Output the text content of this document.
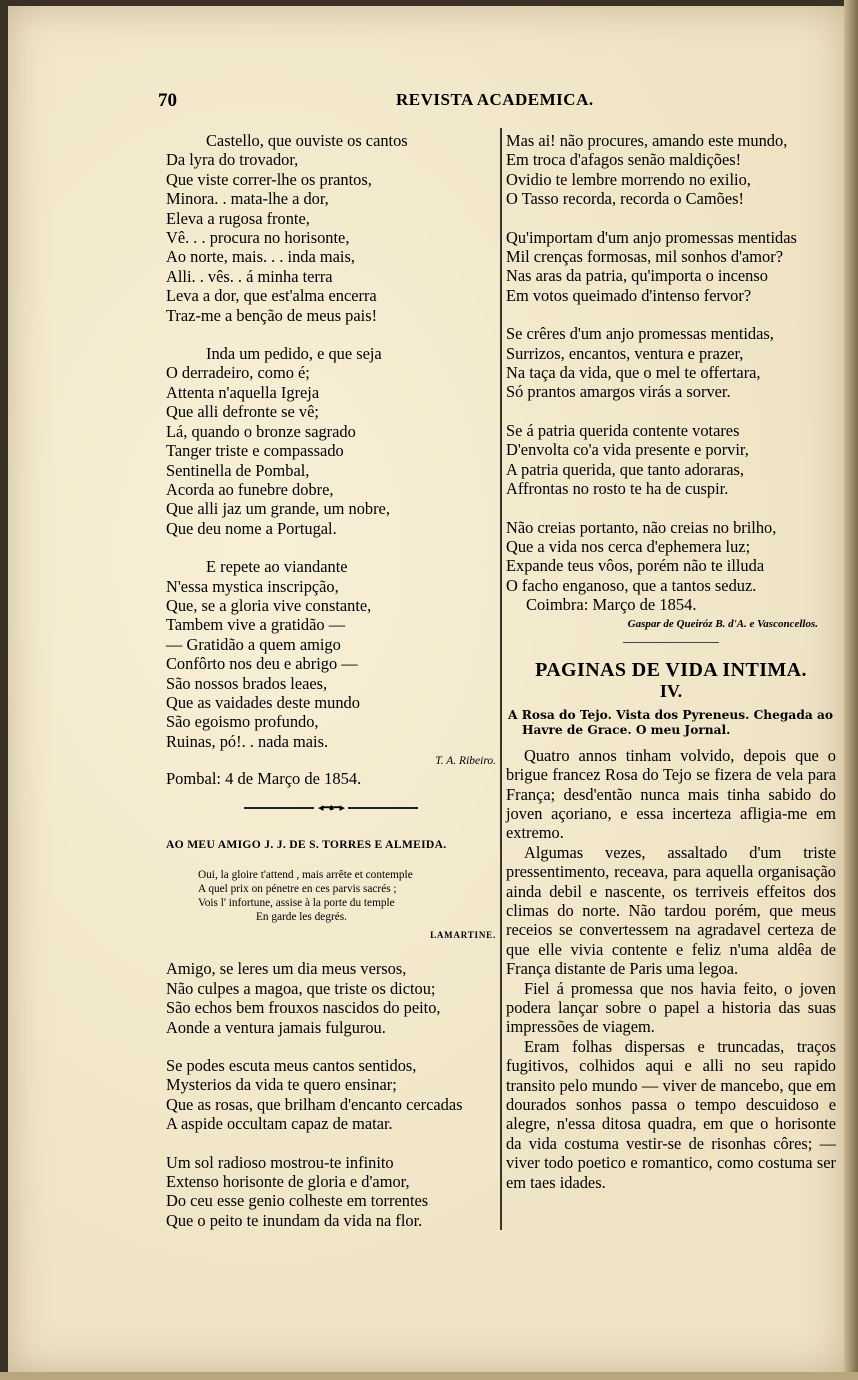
70	REVISTA ACADEMICA.
Castello, que ouviste os cantos
Da lyra do trovador,
Que viste correr-lhe os prantos,
Minora. . mata-lhe a dor,
Eleva a rugosa fronte,
Vê. . . procura no horisonte,
Ao norte, mais. . . inda mais,
Alli. . vês. . á minha terra
Leva a dor, que est'alma encerra
Traz-me a benção de meus pais!
Inda um pedido, e que seja
O derradeiro, como é;
Attenta n'aquella Igreja
Que alli defronte se vê;
Lá, quando o bronze sagrado
Tanger triste e compassado
Sentinella de Pombal,
Acorda ao funebre dobre,
Que alli jaz um grande, um nobre,
Que deu nome a Portugal.
E repete ao viandante
N'essa mystica inscripção,
Que, se a gloria vive constante,
Tambem vive a gratidão —
— Gratidão a quem amigo
Confôrto nos deu e abrigo —
São nossos brados leaes,
Que as vaidades deste mundo
São egoismo profundo,
Ruinas, pó!. . nada mais.
T. A. Ribeiro.
Pombal: 4 de Março de 1854.
◂━●━▸
AO MEU AMIGO J. J. DE S. TORRES E ALMEIDA.
Oui, la gloire t'attend , mais arrête et contemple
A quel prix on pénetre en ces parvis sacrés ;
Vois l' infortune, assise à la porte du temple
En garde les degrés.
LAMARTINE.
Amigo, se leres um dia meus versos,
Não culpes a magoa, que triste os dictou;
São echos bem frouxos nascidos do peito,
Aonde a ventura jamais fulgurou.
Se podes escuta meus cantos sentidos,
Mysterios da vida te quero ensinar;
Que as rosas, que brilham d'encanto cercadas
A aspide occultam capaz de matar.
Um sol radioso mostrou-te infinito
Extenso horisonte de gloria e d'amor,
Do ceu esse genio colheste em torrentes
Que o peito te inundam da vida na flor.
Mas ai! não procures, amando este mundo,
Em troca d'afagos senão maldições!
Ovidio te lembre morrendo no exilio,
O Tasso recorda, recorda o Camões!
Qu'importam d'um anjo promessas mentidas
Mil crenças formosas, mil sonhos d'amor?
Nas aras da patria, qu'importa o incenso
Em votos queimado d'intenso fervor?
Se crêres d'um anjo promessas mentidas,
Surrizos, encantos, ventura e prazer,
Na taça da vida, que o mel te offertara,
Só prantos amargos virás a sorver.
Se á patria querida contente votares
D'envolta co'a vida presente e porvir,
A patria querida, que tanto adoraras,
Affrontas no rosto te ha de cuspir.
Não creias portanto, não creias no brilho,
Que a vida nos cerca d'ephemera luz;
Expande teus vôos, porém não te illuda
O facho enganoso, que a tantos seduz.
Coimbra: Março de 1854.
Gaspar de Queiróz B. d'A. e Vasconcellos.
PAGINAS DE VIDA INTIMA.
IV.
A Rosa do Tejo. Vista dos Pyreneus. Chegada ao Havre de Grace. O meu Jornal.

Quatro annos tinham volvido, depois que o brigue francez Rosa do Tejo se fizera de vela para França; desd'então nunca mais tinha sabido do joven açoriano, e essa incerteza afligia-me em extremo.

Algumas vezes, assaltado d'um triste pressentimento, receava, para aquella organisação ainda debil e nascente, os terriveis effeitos dos climas do norte. Não tardou porém, que meus receios se convertessem na agradavel certeza de que elle vivia contente e feliz n'uma aldêa de França distante de Paris uma legoa.

Fiel á promessa que nos havia feito, o joven podera lançar sobre o papel a historia das suas impressões de viagem.

Eram folhas dispersas e truncadas, traços fugitivos, colhidos aqui e alli no seu rapido transito pelo mundo — viver de mancebo, que em dourados sonhos passa o tempo descuidoso e alegre, n'essa ditosa quadra, em que o horisonte da vida costuma vestir-se de risonhas côres; — viver todo poetico e romantico, como costuma ser em taes idades.
